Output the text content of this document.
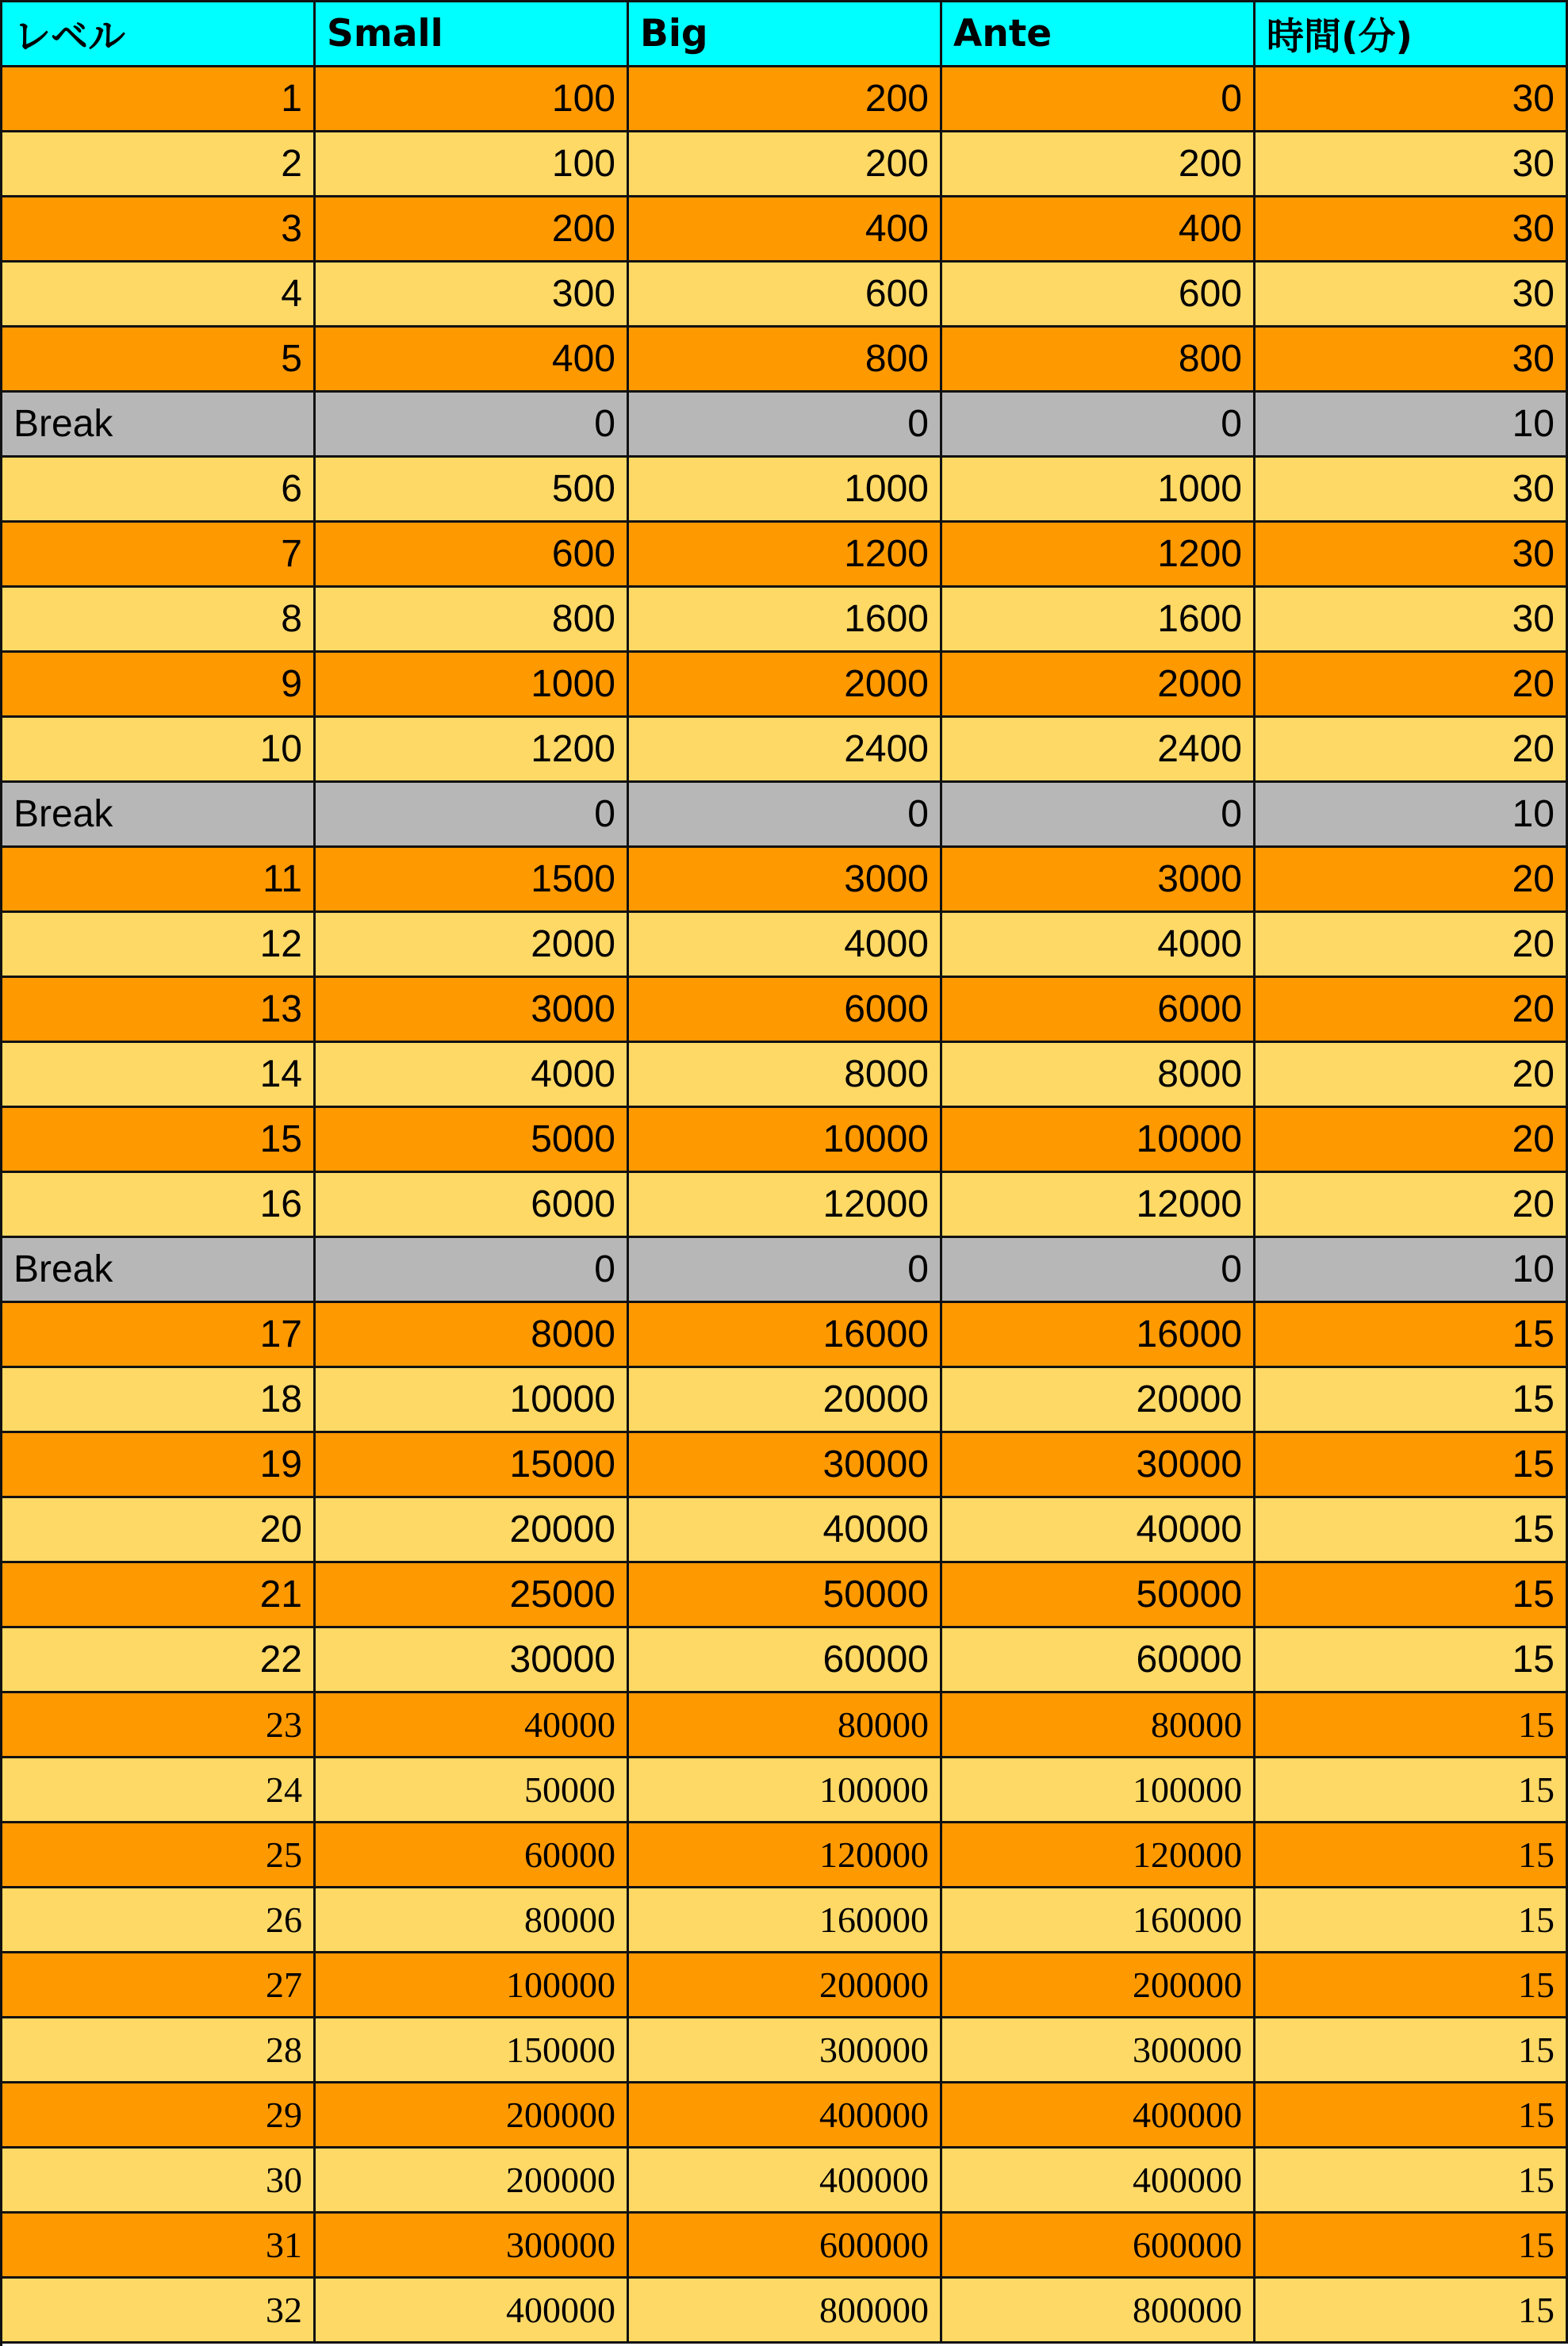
レベル	Small	Big	Ante	時間(分)
1	100	200	0	30
2	100	200	200	30
3	200	400	400	30
4	300	600	600	30
5	400	800	800	30
Break	0	0	0	10
6	500	1000	1000	30
7	600	1200	1200	30
8	800	1600	1600	30
9	1000	2000	2000	20
10	1200	2400	2400	20
Break	0	0	0	10
11	1500	3000	3000	20
12	2000	4000	4000	20
13	3000	6000	6000	20
14	4000	8000	8000	20
15	5000	10000	10000	20
16	6000	12000	12000	20
Break	0	0	0	10
17	8000	16000	16000	15
18	10000	20000	20000	15
19	15000	30000	30000	15
20	20000	40000	40000	15
21	25000	50000	50000	15
22	30000	60000	60000	15
23	40000	80000	80000	15
24	50000	100000	100000	15
25	60000	120000	120000	15
26	80000	160000	160000	15
27	100000	200000	200000	15
28	150000	300000	300000	15
29	200000	400000	400000	15
30	200000	400000	400000	15
31	300000	600000	600000	15
32	400000	800000	800000	15
